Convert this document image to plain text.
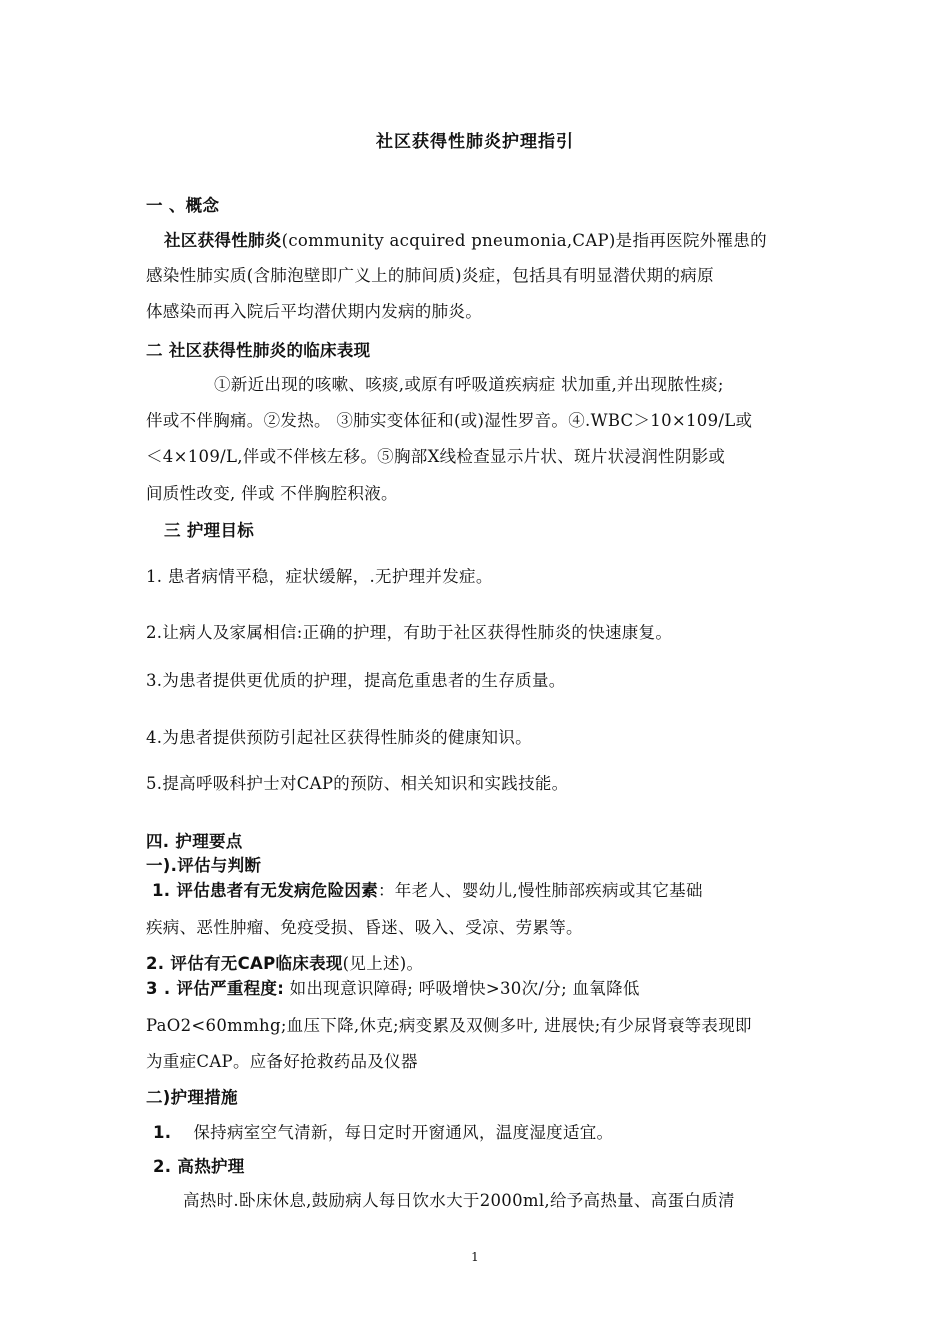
社区获得性肺炎护理指引
一 、概念
社区获得性肺炎(community acquired pneumonia,CAP)是指再医院外罹患的
感染性肺实质(含肺泡壁即广义上的肺间质)炎症，包括具有明显潜伏期的病原
体感染而再入院后平均潜伏期内发病的肺炎。
二 社区获得性肺炎的临床表现
①新近出现的咳嗽、咳痰,或原有呼吸道疾病症 状加重,并出现脓性痰;
伴或不伴胸痛。②发热。 ③肺实变体征和(或)湿性罗音。④.WBC＞10×109/L或
＜4×109/L,伴或不伴核左移。⑤胸部X线检查显示片状、斑片状浸润性阴影或
间质性改变, 伴或 不伴胸腔积液。
三 护理目标
1. 患者病情平稳，症状缓解，.无护理并发症。
2.让病人及家属相信:正确的护理，有助于社区获得性肺炎的快速康复。
3.为患者提供更优质的护理，提高危重患者的生存质量。
4.为患者提供预防引起社区获得性肺炎的健康知识。
5.提高呼吸科护士对CAP的预防、相关知识和实践技能。
四. 护理要点
一).评估与判断
1. 评估患者有无发病危险因素：年老人、婴幼儿,慢性肺部疾病或其它基础
疾病、恶性肿瘤、免疫受损、昏迷、吸入、受凉、劳累等。
2. 评估有无CAP临床表现(见上述)。
3 . 评估严重程度: 如出现意识障碍; 呼吸增快>30次/分; 血氧降低
PaO2<60mmhg;血压下降,休克;病变累及双侧多叶, 进展快;有少尿肾衰等表现即
为重症CAP。应备好抢救药品及仪器
二)护理措施
1. 保持病室空气清新，每日定时开窗通风，温度湿度适宜。
2. 高热护理
高热时.卧床休息,鼓励病人每日饮水大于2000ml,给予高热量、高蛋白质清
1
